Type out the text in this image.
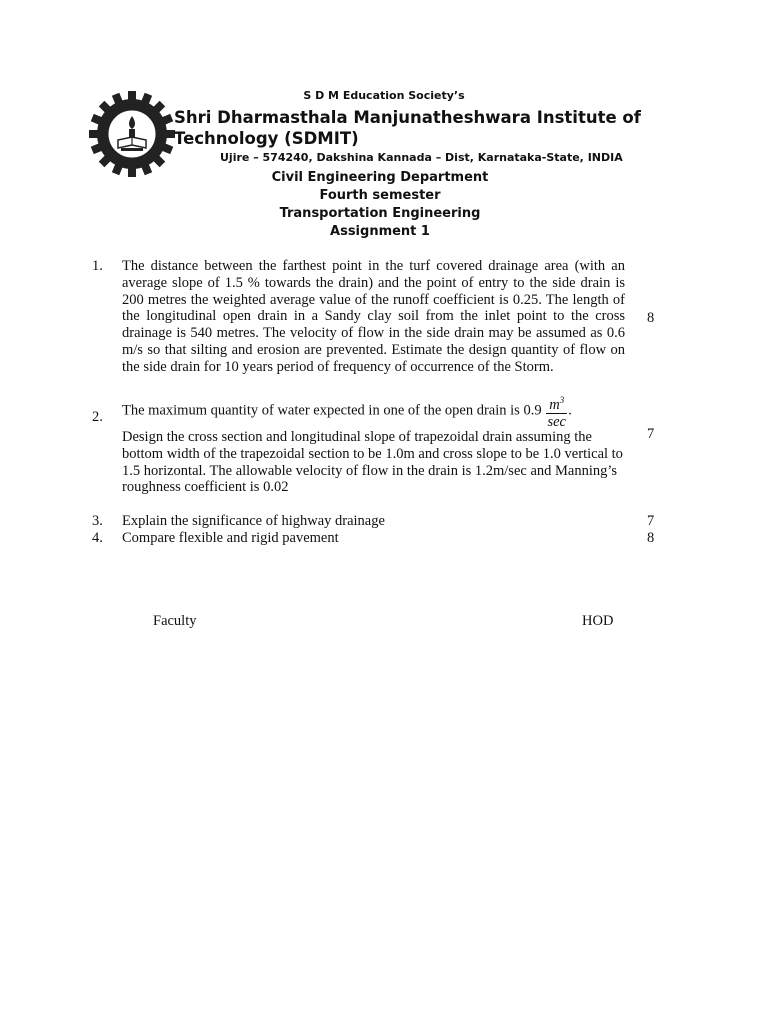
S D M Education Society’s
Shri Dharmasthala Manjunatheshwara Institute of Technology (SDMIT)
Ujire – 574240, Dakshina Kannada – Dist, Karnataka-State, INDIA
Civil Engineering Department
Fourth semester
Transportation Engineering
Assignment 1
1. The distance between the farthest point in the turf covered drainage area (with an average slope of 1.5 % towards the drain) and the point of entry to the side drain is 200 metres the weighted average value of the runoff coefficient is 0.25. The length of the longitudinal open drain in a Sandy clay soil from the inlet point to the cross drainage is 540 metres. The velocity of flow in the side drain may be assumed as 0.6 m/s so that silting and erosion are prevented. Estimate the design quantity of flow on the side drain for 10 years period of frequency of occurrence of the Storm.
8
2. The maximum quantity of water expected in one of the open drain is $0.9 \frac{m^3}{\sec}$ .
Design the cross section and longitudinal slope of trapezoidal drain assuming the bottom width of the trapezoidal section to be 1.0m and cross slope to be 1.0 vertical to 1.5 horizontal. The allowable velocity of flow in the drain is 1.2m/sec and Manning’s roughness coefficient is 0.02
7
3. Explain the significance of highway drainage	7
4. Compare flexible and rigid pavement	8
Faculty	HOD
